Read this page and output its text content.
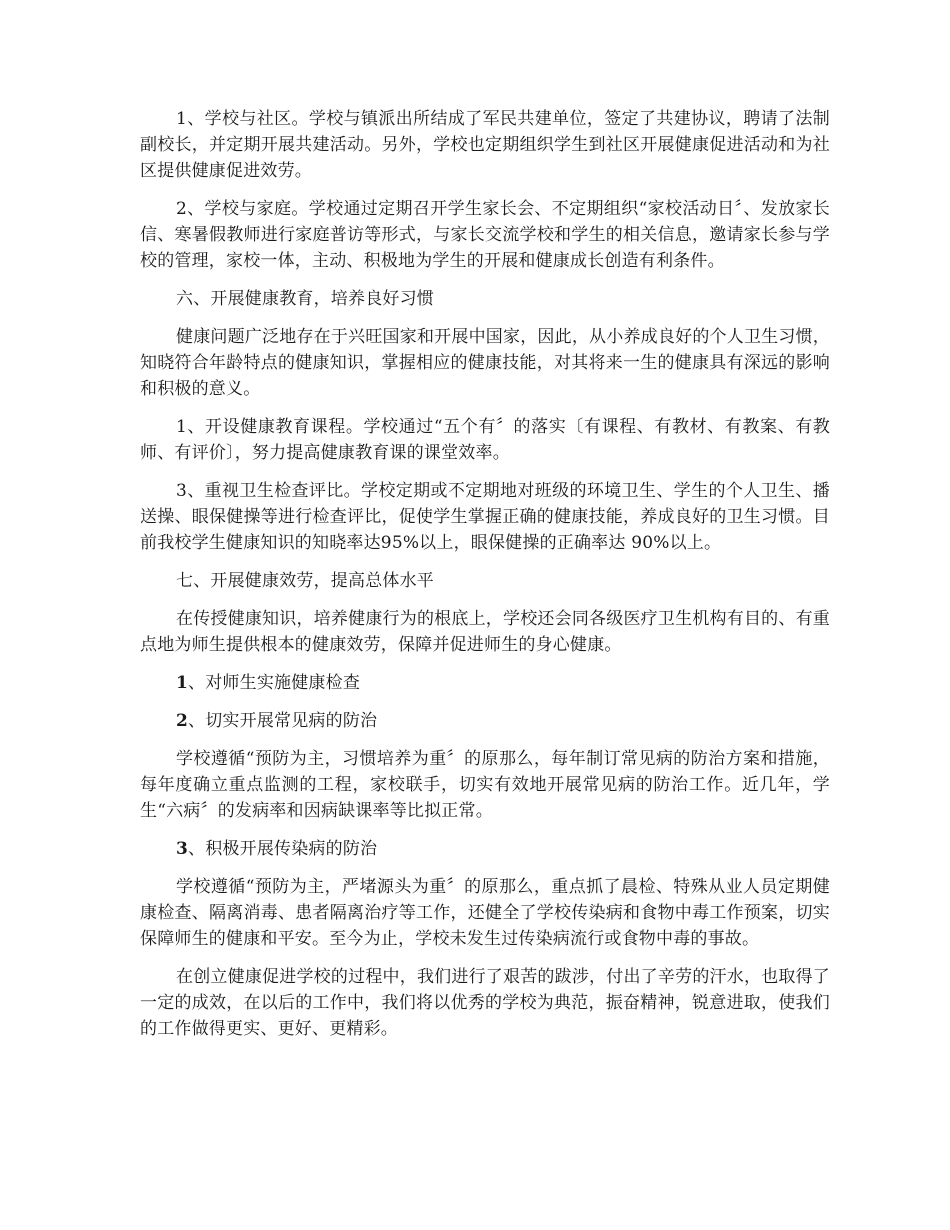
1、学校与社区。学校与镇派出所结成了军民共建单位，签定了共建协议，聘请了法制副校长，并定期开展共建活动。另外，学校也定期组织学生到社区开展健康促进活动和为社区提供健康促进效劳。

2、学校与家庭。学校通过定期召开学生家长会、不定期组织“家校活动日〞、发放家长信、寒暑假教师进行家庭普访等形式，与家长交流学校和学生的相关信息，邀请家长参与学校的管理，家校一体，主动、积极地为学生的开展和健康成长创造有利条件。

六、开展健康教育，培养良好习惯

健康问题广泛地存在于兴旺国家和开展中国家，因此，从小养成良好的个人卫生习惯，知晓符合年龄特点的健康知识，掌握相应的健康技能，对其将来一生的健康具有深远的影响和积极的意义。

1、开设健康教育课程。学校通过“五个有〞的落实〔有课程、有教材、有教案、有教师、有评价〕，努力提高健康教育课的课堂效率。

3、重视卫生检查评比。学校定期或不定期地对班级的环境卫生、学生的个人卫生、播送操、眼保健操等进行检查评比，促使学生掌握正确的健康技能，养成良好的卫生习惯。目前我校学生健康知识的知晓率达95%以上，眼保健操的正确率达 90%以上。

七、开展健康效劳，提高总体水平

在传授健康知识，培养健康行为的根底上，学校还会同各级医疗卫生机构有目的、有重点地为师生提供根本的健康效劳，保障并促进师生的身心健康。

1、对师生实施健康检查

2、切实开展常见病的防治

学校遵循“预防为主，习惯培养为重〞的原那么，每年制订常见病的防治方案和措施，每年度确立重点监测的工程，家校联手，切实有效地开展常见病的防治工作。近几年，学生“六病〞的发病率和因病缺课率等比拟正常。

3、积极开展传染病的防治

学校遵循“预防为主，严堵源头为重〞的原那么，重点抓了晨检、特殊从业人员定期健康检查、隔离消毒、患者隔离治疗等工作，还健全了学校传染病和食物中毒工作预案，切实保障师生的健康和平安。至今为止，学校未发生过传染病流行或食物中毒的事故。

在创立健康促进学校的过程中，我们进行了艰苦的跋涉，付出了辛劳的汗水，也取得了一定的成效，在以后的工作中，我们将以优秀的学校为典范，振奋精神，锐意进取，使我们的工作做得更实、更好、更精彩。
